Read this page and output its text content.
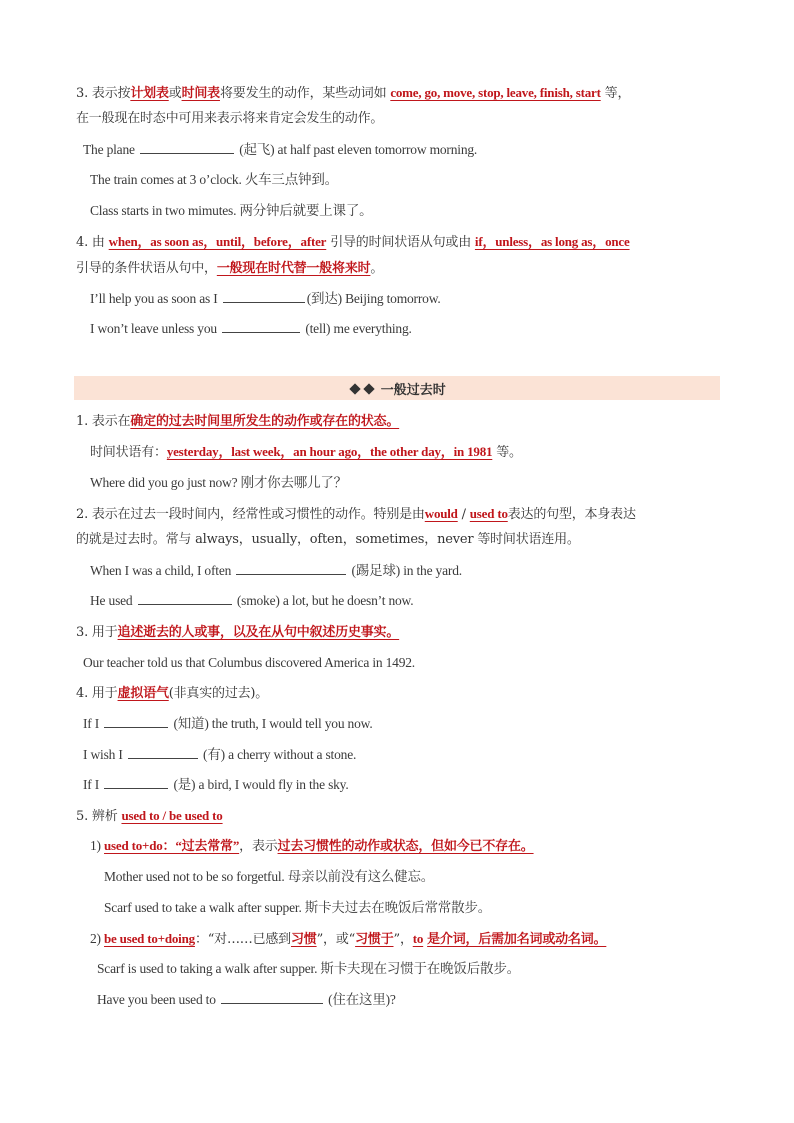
3. 表示按计划表或时间表将要发生的动作，某些动词如 come, go, move, stop, leave, finish, start 等，
在一般现在时态中可用来表示将来肯定会发生的动作。
The plane	(起飞) at half past eleven tomorrow morning.
The train comes at 3 o’clock. 火车三点钟到。
Class starts in two mimutes. 两分钟后就要上课了。
4. 由 when，as soon as，until，before，after 引导的时间状语从句或由 if，unless，as long as，once
引导的条件状语从句中，一般现在时代替一般将来时。
I’ll help you as soon as I	(到达) Beijing tomorrow.
I won’t leave unless you	(tell) me everything.
一般过去时
1. 表示在确定的过去时间里所发生的动作或存在的状态。
时间状语有：yesterday，last week，an hour ago，the other day，in 1981 等。
Where did you go just now? 刚才你去哪儿了？
2. 表示在过去一段时间内，经常性或习惯性的动作。特别是由would / used to表达的句型，本身表达
的就是过去时。常与 always，usually，often，sometimes，never 等时间状语连用。
When I was a child, I often	(踢足球) in the yard.
He used	(smoke) a lot, but he doesn’t now.
3. 用于追述逝去的人或事，以及在从句中叙述历史事实。
Our teacher told us that Columbus discovered America in 1492.
4. 用于虚拟语气(非真实的过去)。
If I	(知道) the truth, I would tell you now.
I wish I	(有) a cherry without a stone.
If I	(是) a bird, I would fly in the sky.
5. 辨析 used to / be used to
1) used to+do：“过去常常”，表示过去习惯性的动作或状态，但如今已不存在。
Mother used not to be so forgetful. 母亲以前没有这么健忘。
Scarf used to take a walk after supper. 斯卡夫过去在晚饭后常常散步。
2) be used to+doing：“对……已感到习惯”，或“习惯于”，to 是介词，后需加名词或动名词。
Scarf is used to taking a walk after supper. 斯卡夫现在习惯于在晚饭后散步。
Have you been used to	(住在这里)?
